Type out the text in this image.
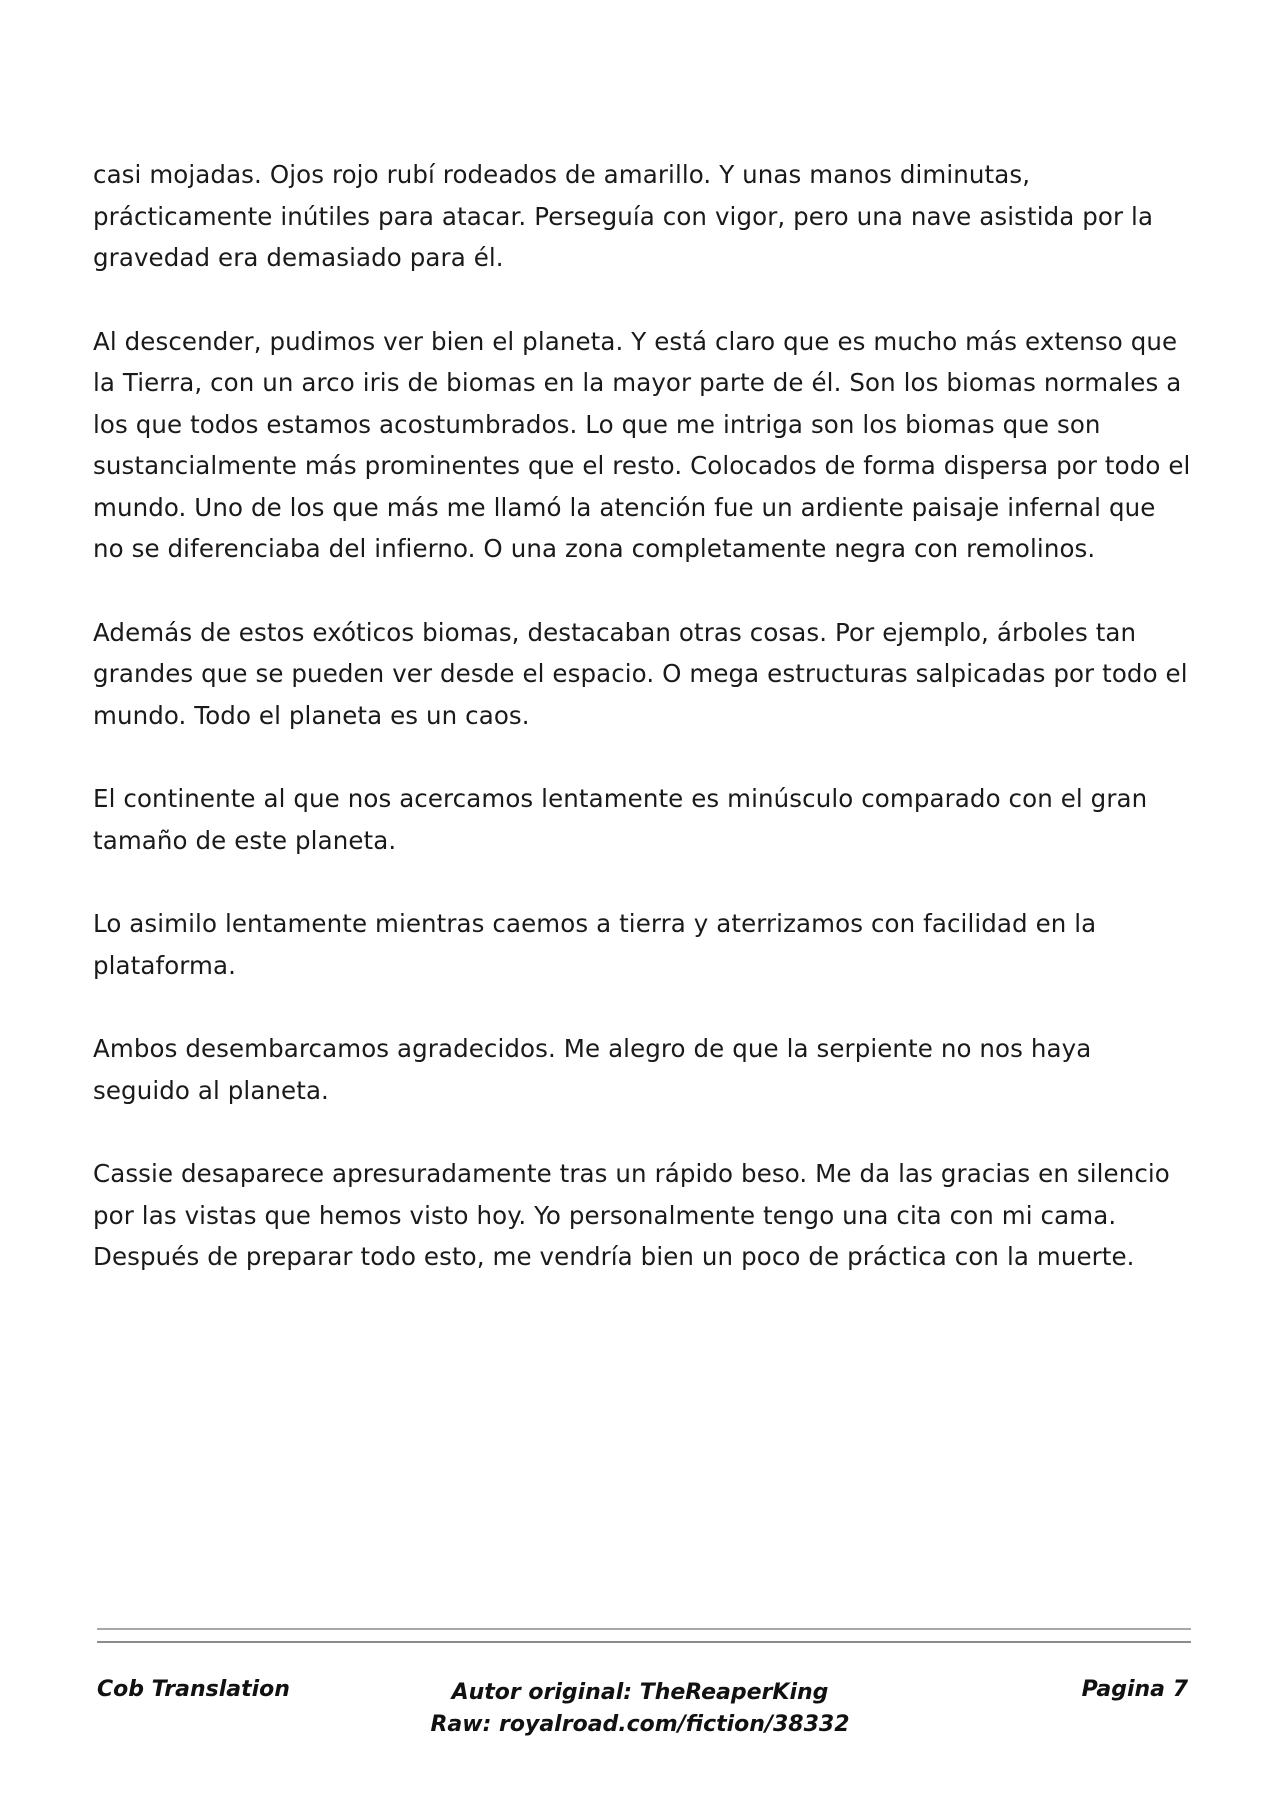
casi mojadas. Ojos rojo rubí rodeados de amarillo. Y unas manos diminutas, prácticamente inútiles para atacar. Perseguía con vigor, pero una nave asistida por la gravedad era demasiado para él.

Al descender, pudimos ver bien el planeta. Y está claro que es mucho más extenso que la Tierra, con un arco iris de biomas en la mayor parte de él. Son los biomas normales a los que todos estamos acostumbrados. Lo que me intriga son los biomas que son sustancialmente más prominentes que el resto. Colocados de forma dispersa por todo el mundo. Uno de los que más me llamó la atención fue un ardiente paisaje infernal que no se diferenciaba del infierno. O una zona completamente negra con remolinos.

Además de estos exóticos biomas, destacaban otras cosas. Por ejemplo, árboles tan grandes que se pueden ver desde el espacio. O mega estructuras salpicadas por todo el mundo. Todo el planeta es un caos.

El continente al que nos acercamos lentamente es minúsculo comparado con el gran tamaño de este planeta.

Lo asimilo lentamente mientras caemos a tierra y aterrizamos con facilidad en la plataforma.

Ambos desembarcamos agradecidos. Me alegro de que la serpiente no nos haya seguido al planeta.

Cassie desaparece apresuradamente tras un rápido beso. Me da las gracias en silencio por las vistas que hemos visto hoy. Yo personalmente tengo una cita con mi cama. Después de preparar todo esto, me vendría bien un poco de práctica con la muerte.

Cob Translation	Autor original: TheReaperKing
Raw: royalroad.com/fiction/38332
Pagina 7
